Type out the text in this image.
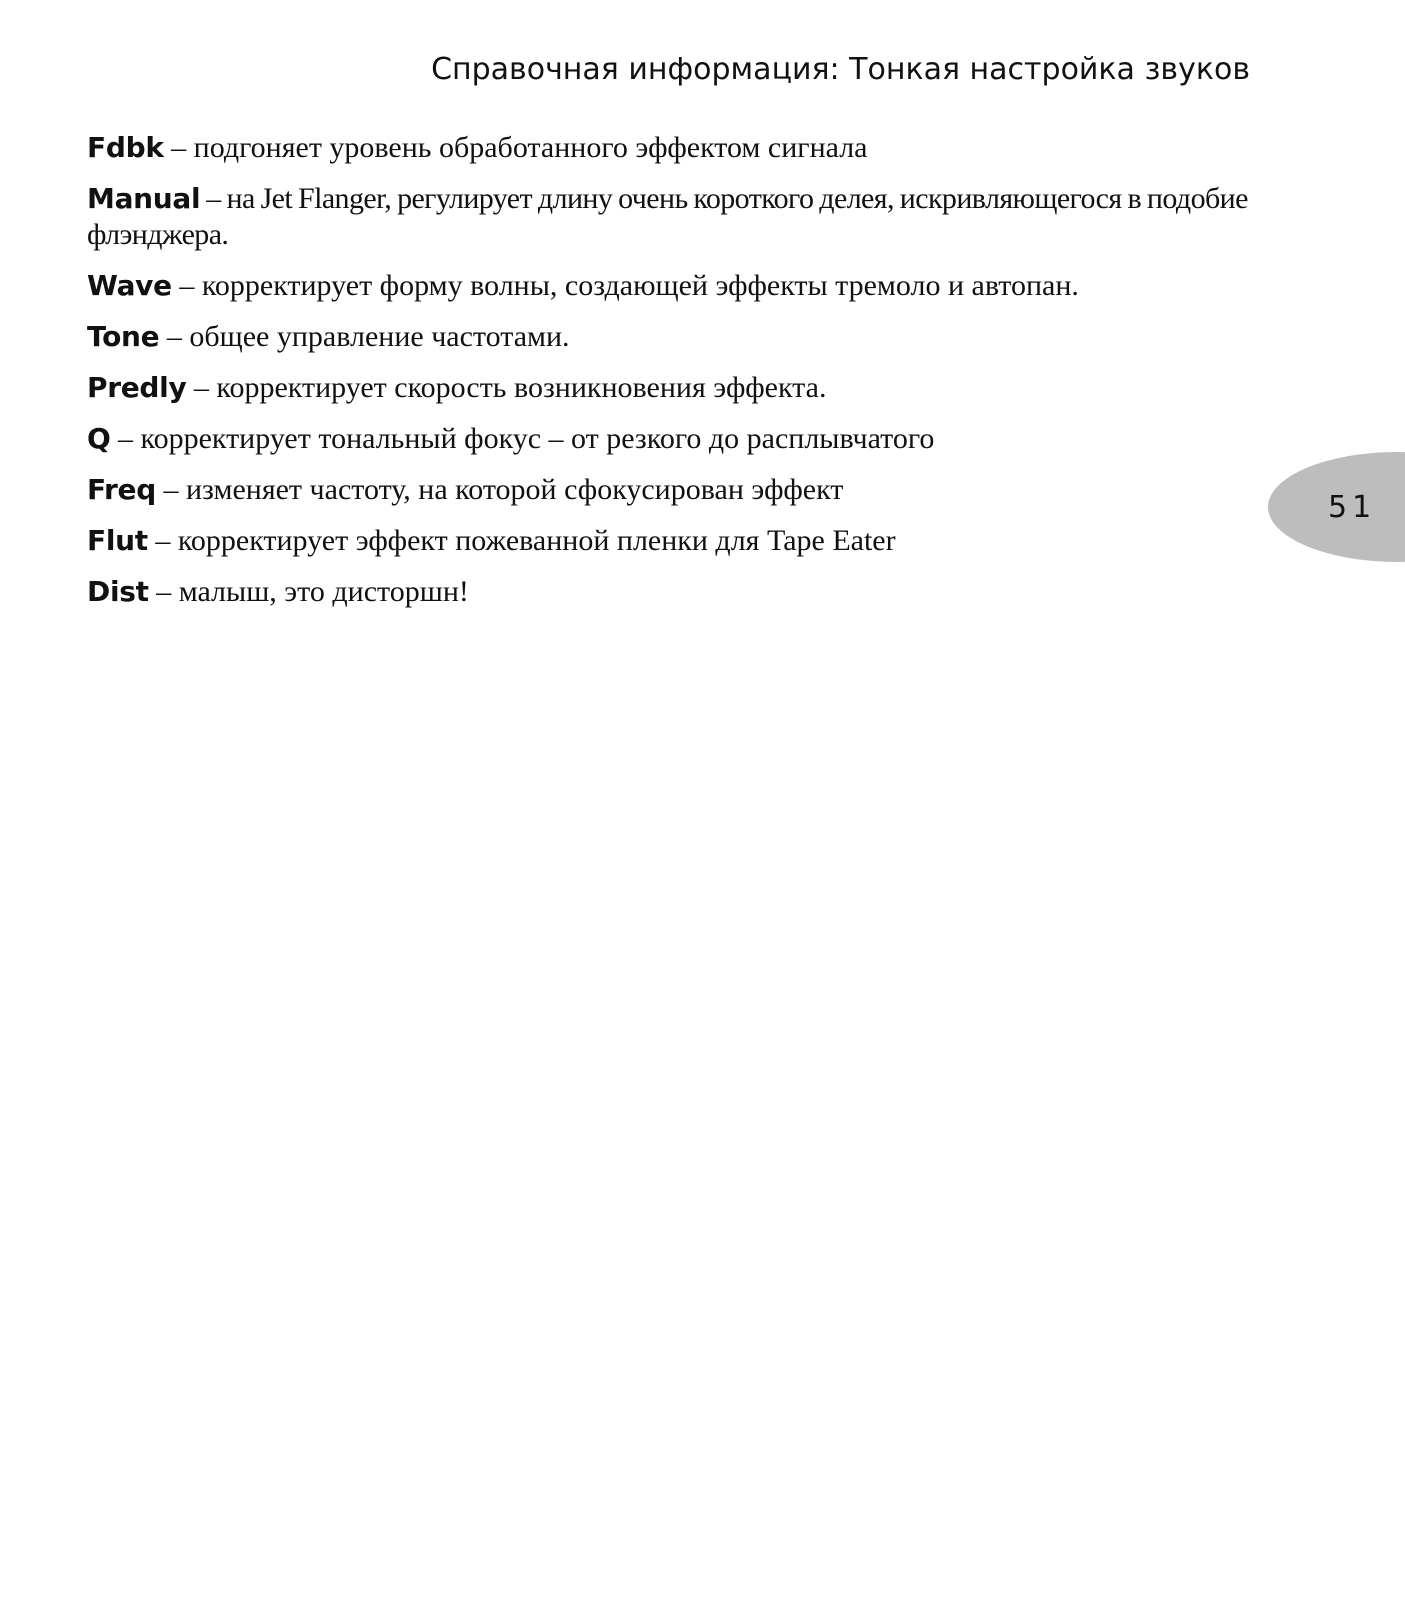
Справочная информация: Тонкая настройка звуков
Fdbk – подгоняет уровень обработанного эффектом сигнала
Manual – на Jet Flanger, регулирует длину очень короткого делея, искривляющегося в подобие флэнджера.
Wave – корректирует форму волны, создающей эффекты тремоло и автопан.
Tone – общее управление частотами.
Predly – корректирует скорость возникновения эффекта.
Q – корректирует тональный фокус – от резкого до расплывчатого
Freq – изменяет частоту, на которой сфокусирован эффект
Flut – корректирует эффект пожеванной пленки для Tape Eater
Dist – малыш, это дисторшн!

51
